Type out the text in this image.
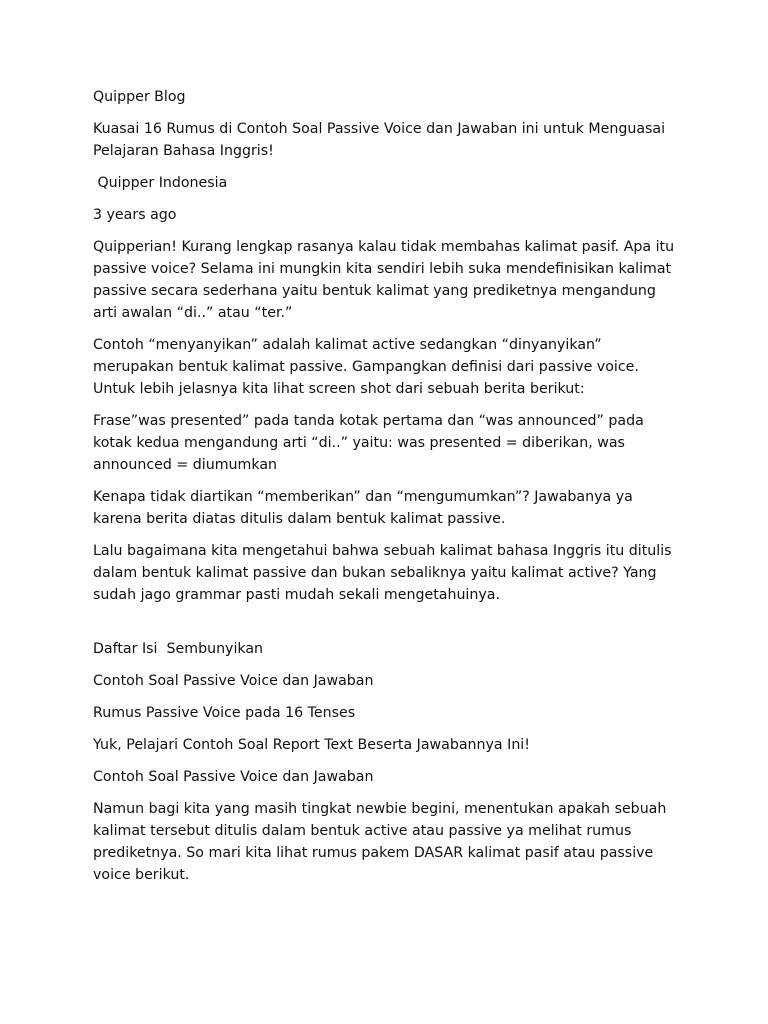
Quipper Blog

Kuasai 16 Rumus di Contoh Soal Passive Voice dan Jawaban ini untuk Menguasai Pelajaran Bahasa Inggris!

Quipper Indonesia

3 years ago

Quipperian! Kurang lengkap rasanya kalau tidak membahas kalimat pasif. Apa itu passive voice? Selama ini mungkin kita sendiri lebih suka mendefinisikan kalimat passive secara sederhana yaitu bentuk kalimat yang prediketnya mengandung arti awalan “di..” atau “ter.”

Contoh “menyanyikan” adalah kalimat active sedangkan “dinyanyikan” merupakan bentuk kalimat passive. Gampangkan definisi dari passive voice. Untuk lebih jelasnya kita lihat screen shot dari sebuah berita berikut:

Frase”was presented” pada tanda kotak pertama dan “was announced” pada kotak kedua mengandung arti “di..” yaitu: was presented = diberikan, was announced = diumumkan

Kenapa tidak diartikan “memberikan” dan “mengumumkan”? Jawabanya ya karena berita diatas ditulis dalam bentuk kalimat passive.

Lalu bagaimana kita mengetahui bahwa sebuah kalimat bahasa Inggris itu ditulis dalam bentuk kalimat passive dan bukan sebaliknya yaitu kalimat active? Yang sudah jago grammar pasti mudah sekali mengetahuinya.

Daftar Isi  Sembunyikan

Contoh Soal Passive Voice dan Jawaban

Rumus Passive Voice pada 16 Tenses

Yuk, Pelajari Contoh Soal Report Text Beserta Jawabannya Ini!

Contoh Soal Passive Voice dan Jawaban

Namun bagi kita yang masih tingkat newbie begini, menentukan apakah sebuah kalimat tersebut ditulis dalam bentuk active atau passive ya melihat rumus prediketnya. So mari kita lihat rumus pakem DASAR kalimat pasif atau passive voice berikut.
